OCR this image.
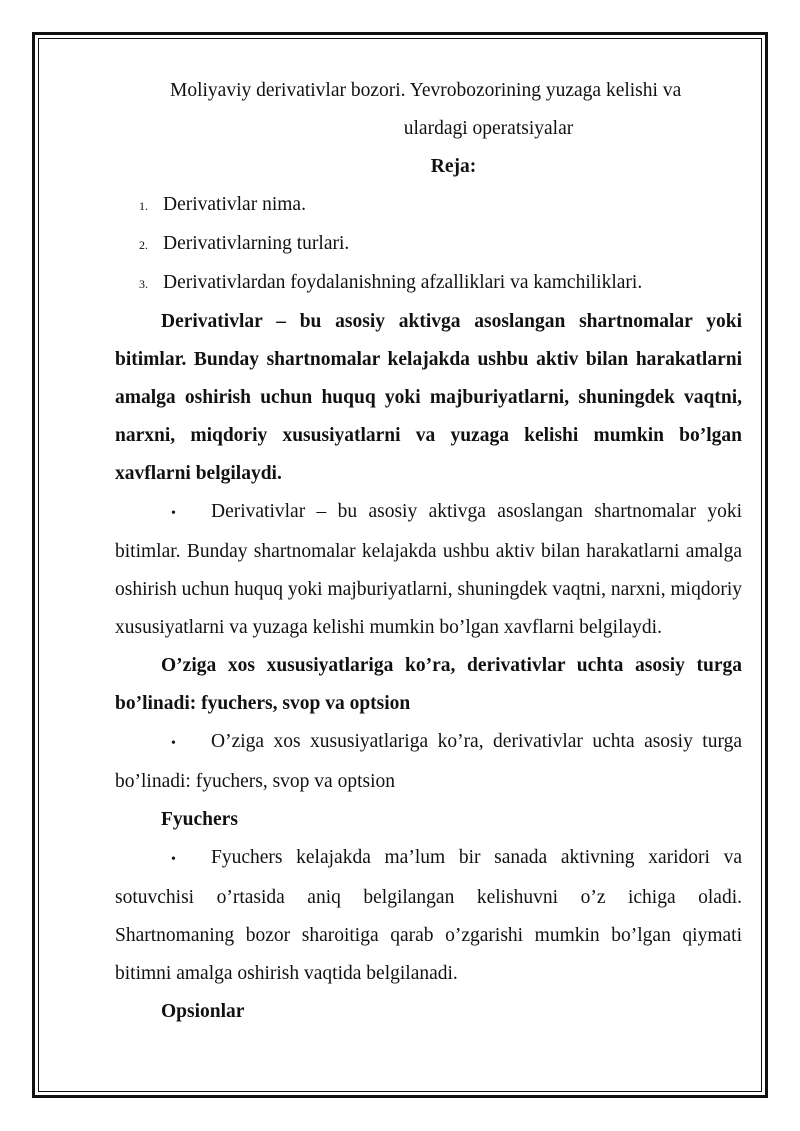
Moliyaviy derivativlar bozori. Yevrobozorining yuzaga kelishi va
ulardagi operatsiyalar

Reja:

1. Derivativlar nima.
2. Derivativlarning turlari.
3. Derivativlardan foydalanishning afzalliklari va kamchiliklari.

Derivativlar – bu asosiy aktivga asoslangan shartnomalar yoki bitimlar. Bunday shartnomalar kelajakda ushbu aktiv bilan harakatlarni amalga oshirish uchun huquq yoki majburiyatlarni, shuningdek vaqtni, narxni, miqdoriy xususiyatlarni va yuzaga kelishi mumkin bo’lgan xavflarni belgilaydi.

• Derivativlar – bu asosiy aktivga asoslangan shartnomalar yoki bitimlar. Bunday shartnomalar kelajakda ushbu aktiv bilan harakatlarni amalga oshirish uchun huquq yoki majburiyatlarni, shuningdek vaqtni, narxni, miqdoriy xususiyatlarni va yuzaga kelishi mumkin bo’lgan xavflarni belgilaydi.

O’ziga xos xususiyatlariga ko’ra, derivativlar uchta asosiy turga bo’linadi: fyuchers, svop va optsion

• O’ziga xos xususiyatlariga ko’ra, derivativlar uchta asosiy turga bo’linadi: fyuchers, svop va optsion

Fyuchers

• Fyuchers kelajakda ma’lum bir sanada aktivning xaridori va sotuvchisi o’rtasida aniq belgilangan kelishuvni o’z ichiga oladi. Shartnomaning bozor sharoitiga qarab o’zgarishi mumkin bo’lgan qiymati bitimni amalga oshirish vaqtida belgilanadi.

Opsionlar
